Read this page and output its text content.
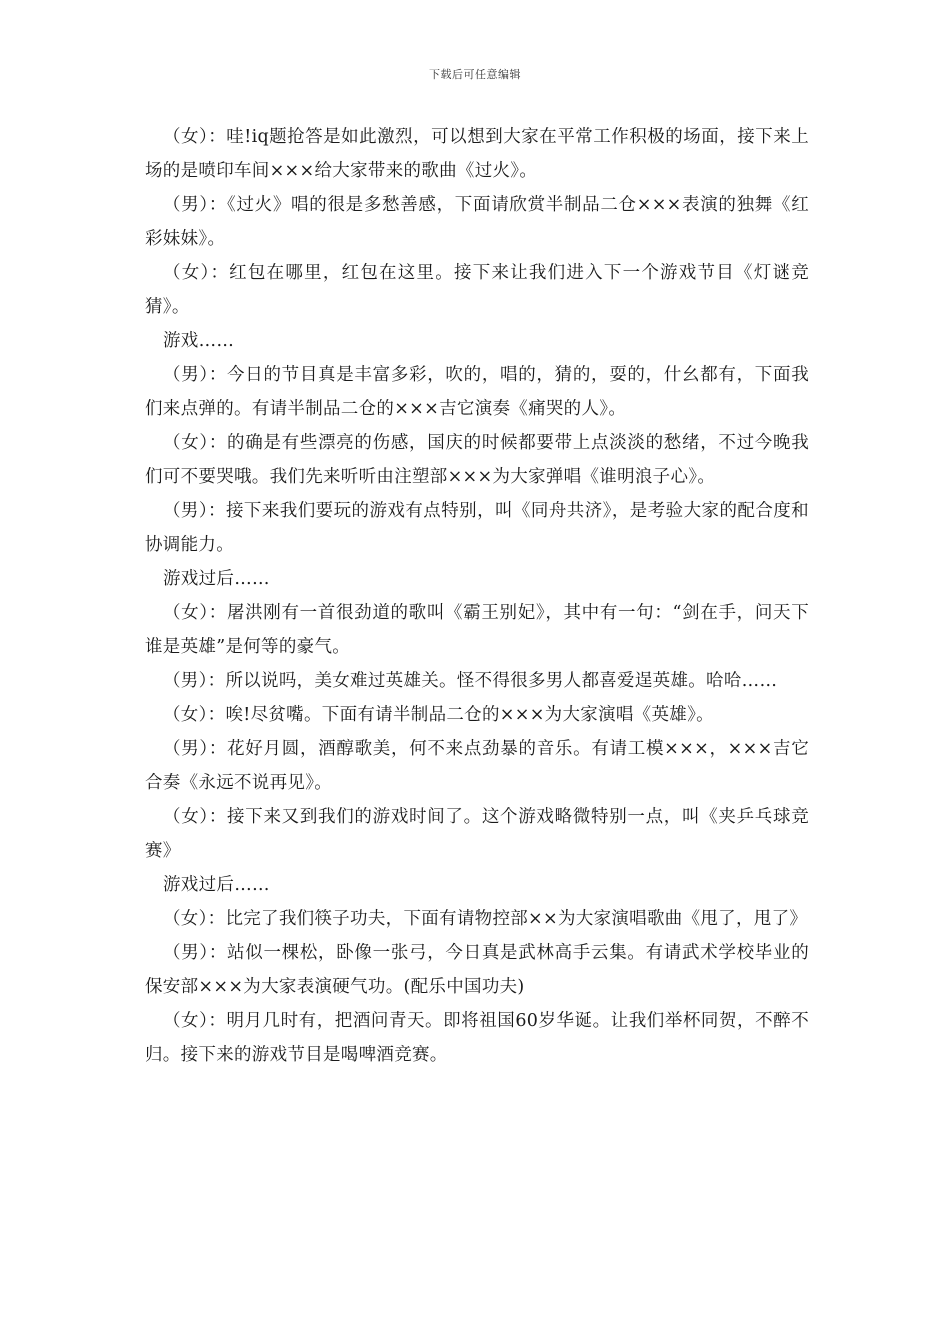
下载后可任意编辑

（女）：哇!iq题抢答是如此激烈，可以想到大家在平常工作积极的场面，接下来上场的是喷印车间×××给大家带来的歌曲《过火》。

（男）：《过火》唱的很是多愁善感，下面请欣赏半制品二仓×××表演的独舞《红彩妹妹》。

（女）：红包在哪里，红包在这里。接下来让我们进入下一个游戏节目《灯谜竞猜》。

游戏……

（男）：今日的节目真是丰富多彩，吹的，唱的，猜的，耍的，什幺都有，下面我们来点弹的。有请半制品二仓的×××吉它演奏《痛哭的人》。

（女）：的确是有些漂亮的伤感，国庆的时候都要带上点淡淡的愁绪，不过今晚我们可不要哭哦。我们先来听听由注塑部×××为大家弹唱《谁明浪子心》。

（男）：接下来我们要玩的游戏有点特别，叫《同舟共济》，是考验大家的配合度和协调能力。

游戏过后……

（女）：屠洪刚有一首很劲道的歌叫《霸王别妃》，其中有一句：“剑在手，问天下谁是英雄”是何等的豪气。

（男）：所以说吗，美女难过英雄关。怪不得很多男人都喜爱逞英雄。哈哈……

（女）：唉!尽贫嘴。下面有请半制品二仓的×××为大家演唱《英雄》。

（男）：花好月圆，酒醇歌美，何不来点劲暴的音乐。有请工模×××，×××吉它合奏《永远不说再见》。

（女）：接下来又到我们的游戏时间了。这个游戏略微特别一点，叫《夹乒乓球竞赛》

游戏过后……

（女）：比完了我们筷子功夫，下面有请物控部××为大家演唱歌曲《甩了，甩了》

（男）：站似一棵松，卧像一张弓，今日真是武林高手云集。有请武术学校毕业的保安部×××为大家表演硬气功。(配乐中国功夫)

（女）：明月几时有，把酒问青天。即将祖国60岁华诞。让我们举杯同贺，不醉不归。接下来的游戏节目是喝啤酒竞赛。
